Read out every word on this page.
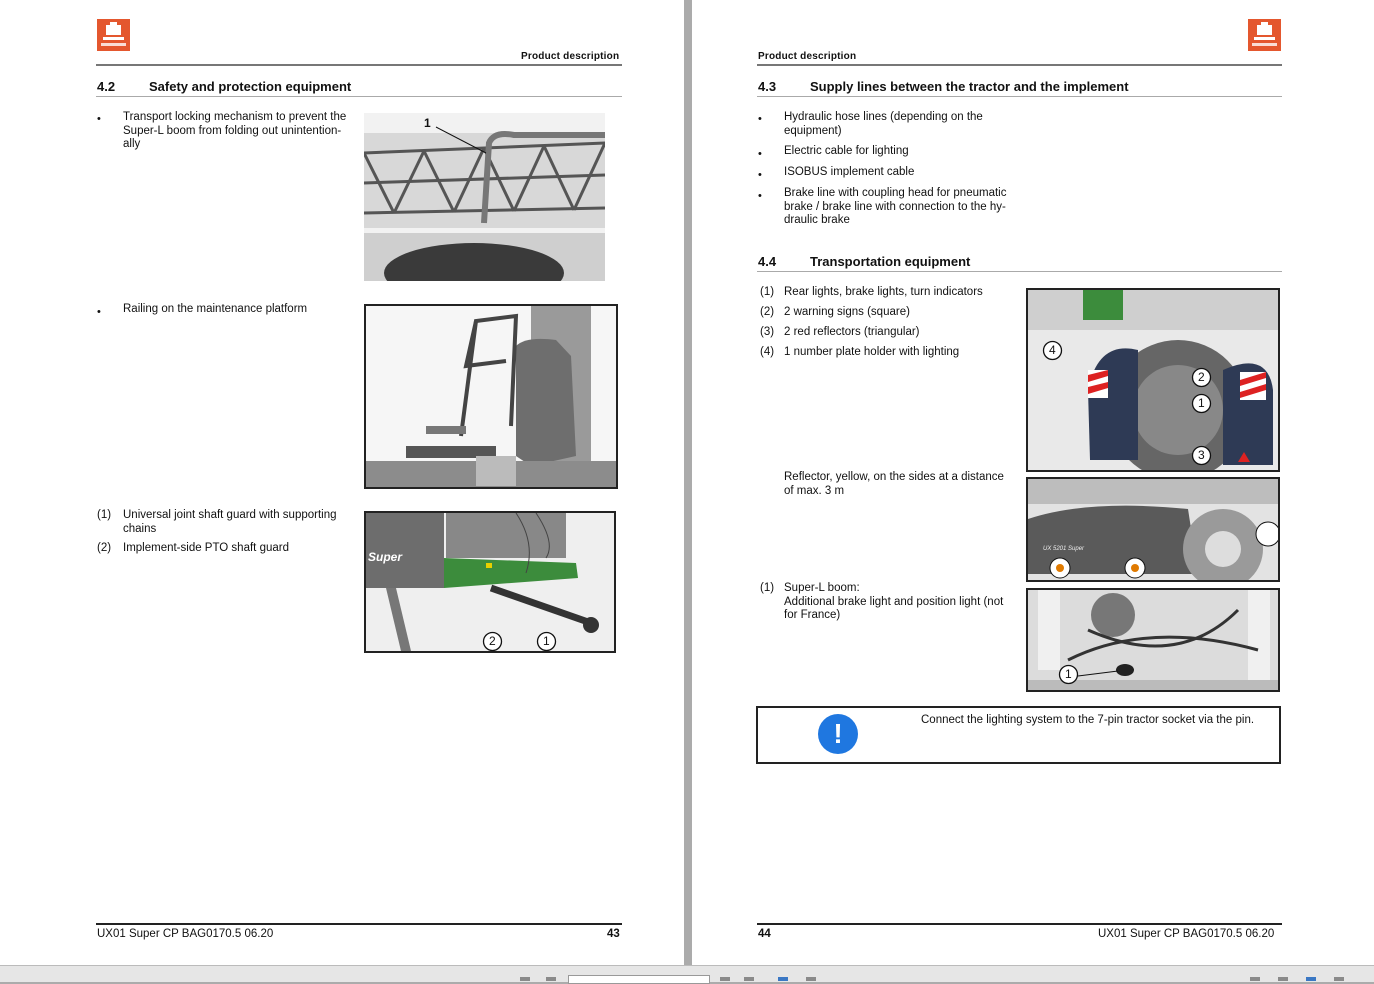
Product description
4.2	Safety and protection equipment
• Transport locking mechanism to prevent the
Super-L boom from folding out unintention-
ally
1
• Railing on the maintenance platform
(1) Universal joint shaft guard with supporting
chains
(2) Implement-side PTO shaft guard
Super
2	1
UX01 Super CP BAG0170.5 06.20	43
Product description
4.3	Supply lines between the tractor and the implement
• Hydraulic hose lines (depending on the
equipment)
• Electric cable for lighting
• ISOBUS implement cable
• Brake line with coupling head for pneumatic
brake / brake line with connection to the hy-
draulic brake
4.4	Transportation equipment
(1) Rear lights, brake lights, turn indicators
(2) 2 warning signs (square)
(3) 2 red reflectors (triangular)
(4) 1 number plate holder with lighting	4
2
1
3
Reflector, yellow, on the sides at a distance
of max. 3 m
UX 5201 Super
(1) Super-L boom:
Additional brake light and position light (not
for France)
1
!	Connect the lighting system to the 7-pin tractor socket via the pin.
44	UX01 Super CP BAG0170.5 06.20
